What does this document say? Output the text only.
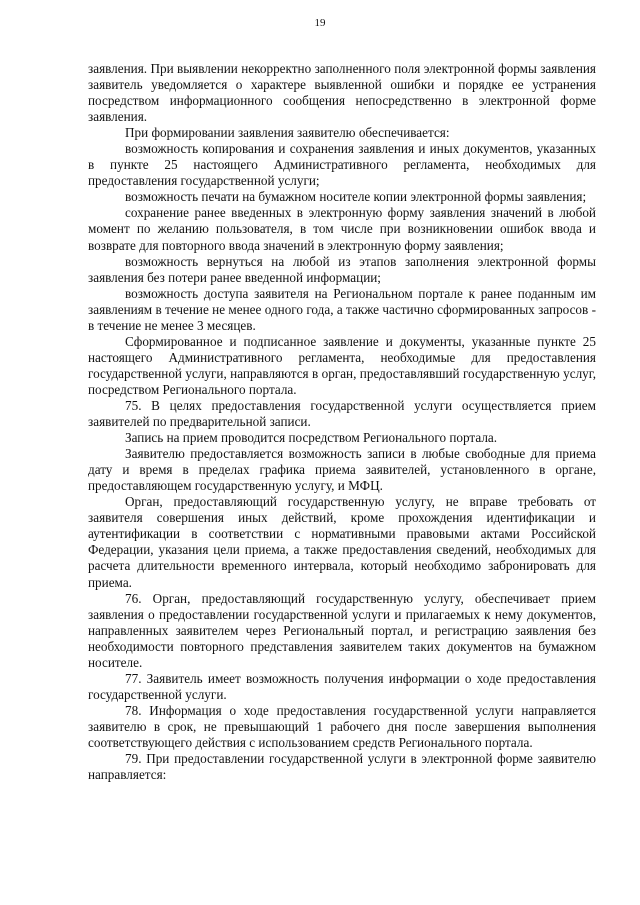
19

заявления. При выявлении некорректно заполненного поля электронной формы заявления заявитель уведомляется о характере выявленной ошибки и порядке ее устранения посредством информационного сообщения непосредственно в электронной форме заявления.

При формировании заявления заявителю обеспечивается:

возможность копирования и сохранения заявления и иных документов, указанных в пункте 25 настоящего Административного регламента, необходимых для предоставления государственной услуги;

возможность печати на бумажном носителе копии электронной формы заявления;

сохранение ранее введенных в электронную форму заявления значений в любой момент по желанию пользователя, в том числе при возникновении ошибок ввода и возврате для повторного ввода значений в электронную форму заявления;

возможность вернуться на любой из этапов заполнения электронной формы заявления без потери ранее введенной информации;

возможность доступа заявителя на Региональном портале к ранее поданным им заявлениям в течение не менее одного года, а также частично сформированных запросов - в течение не менее 3 месяцев.

Сформированное и подписанное заявление и документы, указанные пункте 25 настоящего Административного регламента, необходимые для предоставления государственной услуги, направляются в орган, предоставлявший государственную услуг, посредством Регионального портала.

75. В целях предоставления государственной услуги осуществляется прием заявителей по предварительной записи.

Запись на прием проводится посредством Регионального портала.

Заявителю предоставляется возможность записи в любые свободные для приема дату и время в пределах графика приема заявителей, установленного в органе, предоставляющем государственную услугу, и МФЦ.

Орган, предоставляющий государственную услугу, не вправе требовать от заявителя совершения иных действий, кроме прохождения идентификации и аутентификации в соответствии с нормативными правовыми актами Российской Федерации, указания цели приема, а также предоставления сведений, необходимых для расчета длительности временного интервала, который необходимо забронировать для приема.

76. Орган, предоставляющий государственную услугу, обеспечивает прием заявления о предоставлении государственной услуги и прилагаемых к нему документов, направленных заявителем через Региональный портал, и регистрацию заявления без необходимости повторного представления заявителем таких документов на бумажном носителе.

77. Заявитель имеет возможность получения информации о ходе предоставления государственной услуги.

78. Информация о ходе предоставления государственной услуги направляется заявителю в срок, не превышающий 1 рабочего дня после завершения выполнения соответствующего действия с использованием средств Регионального портала.

79. При предоставлении государственной услуги в электронной форме заявителю направляется:
